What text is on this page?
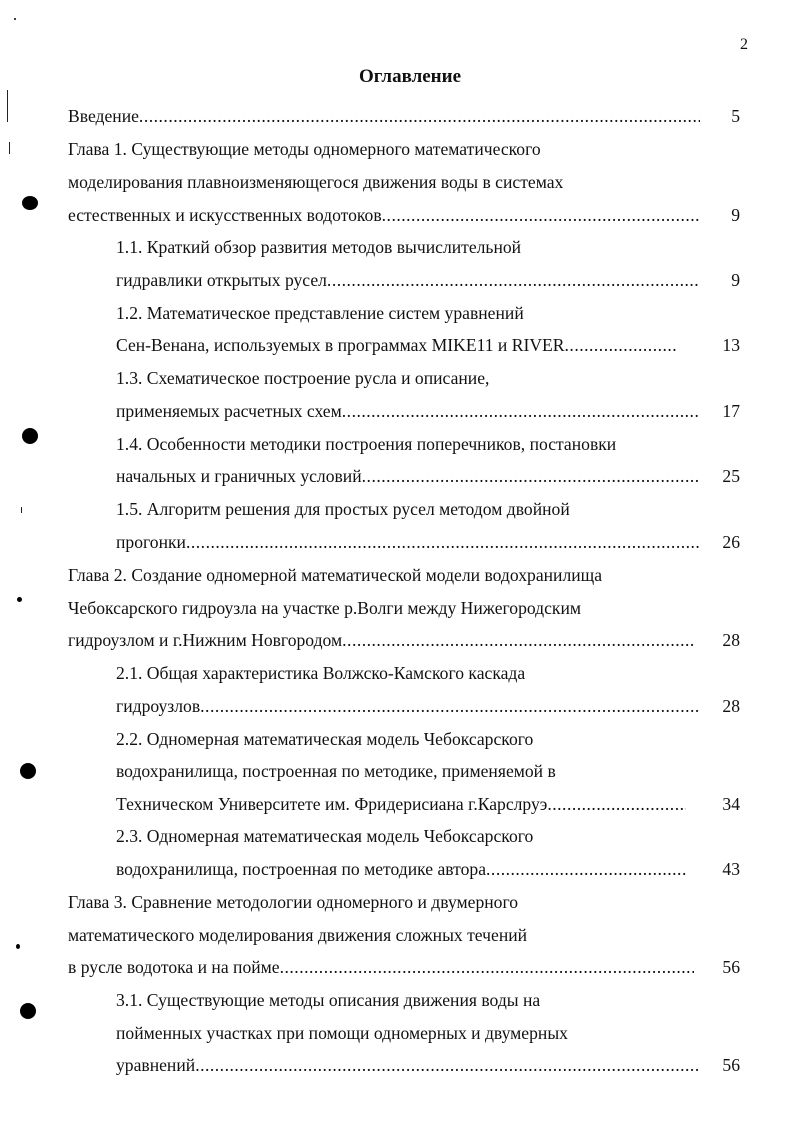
2
Оглавление
Введение .....	5
Глава 1. Существующие методы одномерного математического
моделирования плавноизменяющегося движения воды в системах
естественных и искусственных водотоков .....	9
1.1. Краткий обзор развития методов вычислительной
гидравлики открытых русел .....	9
1.2. Математическое представление систем уравнений
Сен-Венана, используемых в программах MIKE11 и RIVER .....	13
1.3. Схематическое построение русла и описание,
применяемых расчетных схем .....	17
1.4. Особенности методики построения поперечников, постановки
начальных и граничных условий .....	25
1.5. Алгоритм решения для простых русел методом двойной
прогонки .....	26
Глава 2. Создание одномерной математической модели водохранилища
Чебоксарского гидроузла на участке р.Волги между Нижегородским
гидроузлом и г.Нижним Новгородом .....	28
2.1. Общая характеристика Волжско-Камского каскада
гидроузлов .....	28
2.2. Одномерная математическая модель Чебоксарского
водохранилища, построенная по методике, применяемой в
Техническом Университете им. Фридерисиана г.Карслруэ .....	34
2.3. Одномерная математическая модель Чебоксарского
водохранилища, построенная по методике автора .....	43
Глава 3. Сравнение методологии одномерного и двумерного
математического моделирования движения сложных течений
в русле водотока и на пойме .....	56
3.1. Существующие методы описания движения воды на
пойменных участках при помощи одномерных и двумерных
уравнений .....	56
